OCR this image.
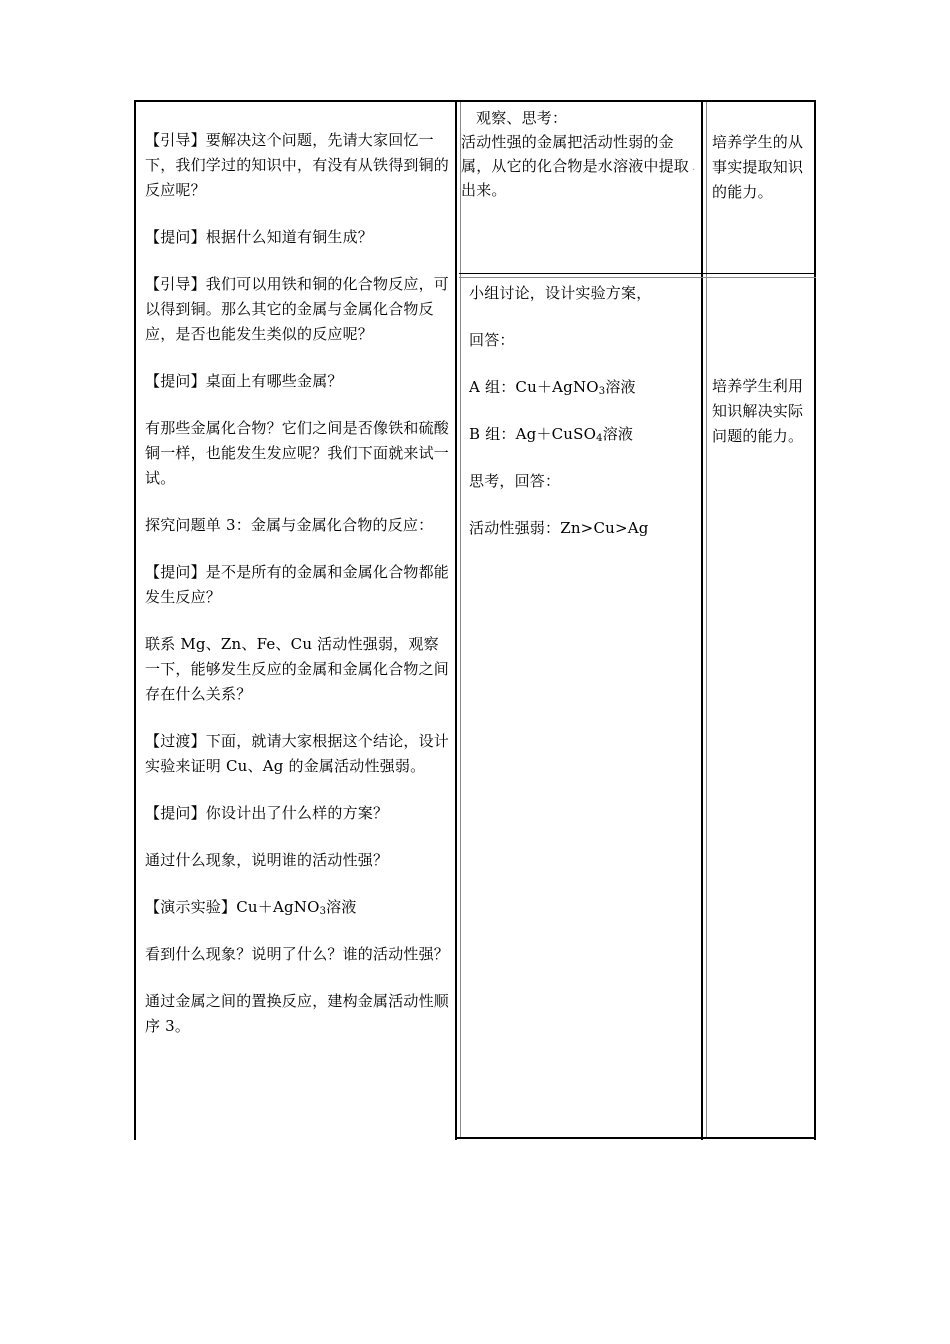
【引导】要解决这个问题，先请大家回忆一下，我们学过的知识中，有没有从铁得到铜的反应呢？

【提问】根据什么知道有铜生成？

【引导】我们可以用铁和铜的化合物反应，可以得到铜。那么其它的金属与金属化合物反应，是否也能发生类似的反应呢？

【提问】桌面上有哪些金属？

有那些金属化合物？它们之间是否像铁和硫酸铜一样，也能发生发应呢？我们下面就来试一试。

探究问题单 3：金属与金属化合物的反应：

【提问】是不是所有的金属和金属化合物都能发生反应？

联系 Mg、Zn、Fe、Cu 活动性强弱，观察一下，能够发生反应的金属和金属化合物之间存在什么关系？

【过渡】下面，就请大家根据这个结论，设计实验来证明 Cu、Ag 的金属活动性强弱。

【提问】你设计出了什么样的方案？

通过什么现象，说明谁的活动性强？

【演示实验】Cu＋AgNO$_3$溶液

看到什么现象？说明了什么？谁的活动性强？

通过金属之间的置换反应，建构金属活动性顺序 3。

观察、思考：
活动性强的金属把活动性弱的金属，从它的化合物是水溶液中提取出来。
.

小组讨论，设计实验方案，

回答：

A 组：Cu＋AgNO$_3$溶液

B 组：Ag＋CuSO$_4$溶液

思考，回答：

活动性强弱：Zn>Cu>Ag

培养学生的从事实提取知识的能力。
培养学生利用知识解决实际问题的能力。
